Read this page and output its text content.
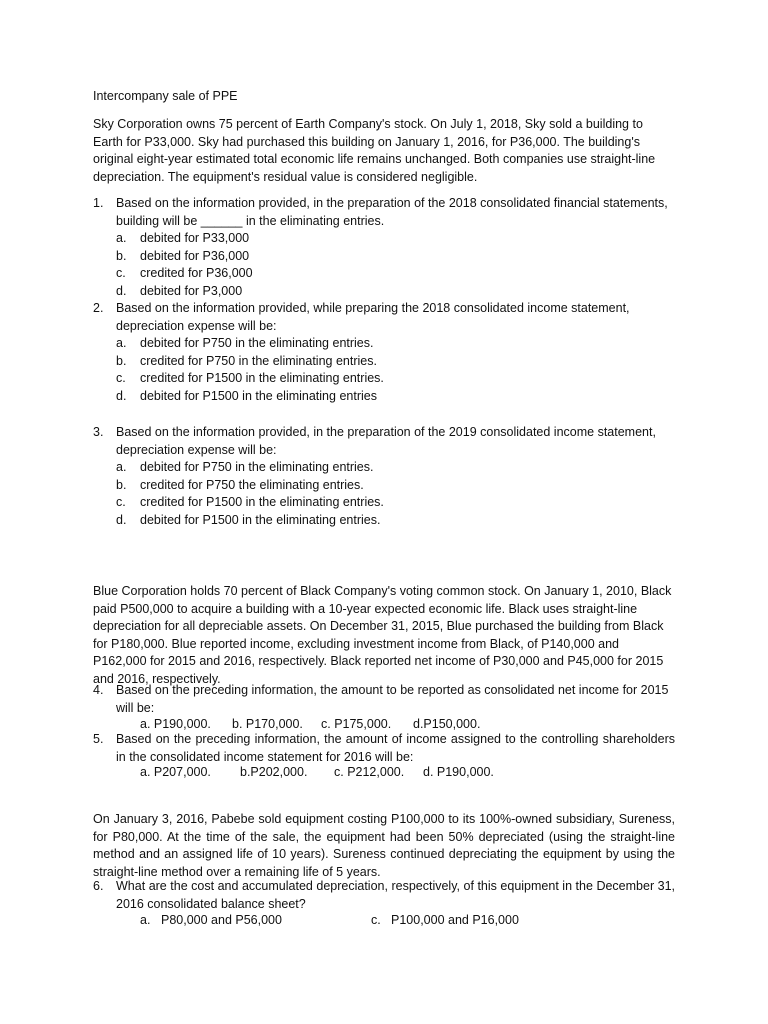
Intercompany sale of PPE

Sky Corporation owns 75 percent of Earth Company's stock. On July 1, 2018, Sky sold a building to Earth for P33,000. Sky had purchased this building on January 1, 2016, for P36,000. The building's original eight-year estimated total economic life remains unchanged. Both companies use straight-line depreciation. The equipment's residual value is considered negligible.

1. Based on the information provided, in the preparation of the 2018 consolidated financial statements, building will be ______ in the eliminating entries.
a. debited for P33,000
b. debited for P36,000
c. credited for P36,000
d. debited for P3,000
2. Based on the information provided, while preparing the 2018 consolidated income statement, depreciation expense will be:
a. debited for P750 in the eliminating entries.
b. credited for P750 in the eliminating entries.
c. credited for P1500 in the eliminating entries.
d. debited for P1500 in the eliminating entries
3. Based on the information provided, in the preparation of the 2019 consolidated income statement, depreciation expense will be:
a. debited for P750 in the eliminating entries.
b. credited for P750 the eliminating entries.
c. credited for P1500 in the eliminating entries.
d. debited for P1500 in the eliminating entries.

Blue Corporation holds 70 percent of Black Company's voting common stock. On January 1, 2010, Black paid P500,000 to acquire a building with a 10-year expected economic life. Black uses straight-line depreciation for all depreciable assets. On December 31, 2015, Blue purchased the building from Black for P180,000. Blue reported income, excluding investment income from Black, of P140,000 and P162,000 for 2015 and 2016, respectively. Black reported net income of P30,000 and P45,000 for 2015 and 2016, respectively.

4. Based on the preceding information, the amount to be reported as consolidated net income for 2015 will be:
a. P190,000. b. P170,000. c. P175,000. d.P150,000.
5. Based on the preceding information, the amount of income assigned to the controlling shareholders in the consolidated income statement for 2016 will be:
a. P207,000. b.P202,000. c. P212,000. d. P190,000.

On January 3, 2016, Pabebe sold equipment costing P100,000 to its 100%-owned subsidiary, Sureness, for P80,000. At the time of the sale, the equipment had been 50% depreciated (using the straight-line method and an assigned life of 10 years). Sureness continued depreciating the equipment by using the straight-line method over a remaining life of 5 years.

6. What are the cost and accumulated depreciation, respectively, of this equipment in the December 31, 2016 consolidated balance sheet?
a. P80,000 and P56,000	c. P100,000 and P16,000
